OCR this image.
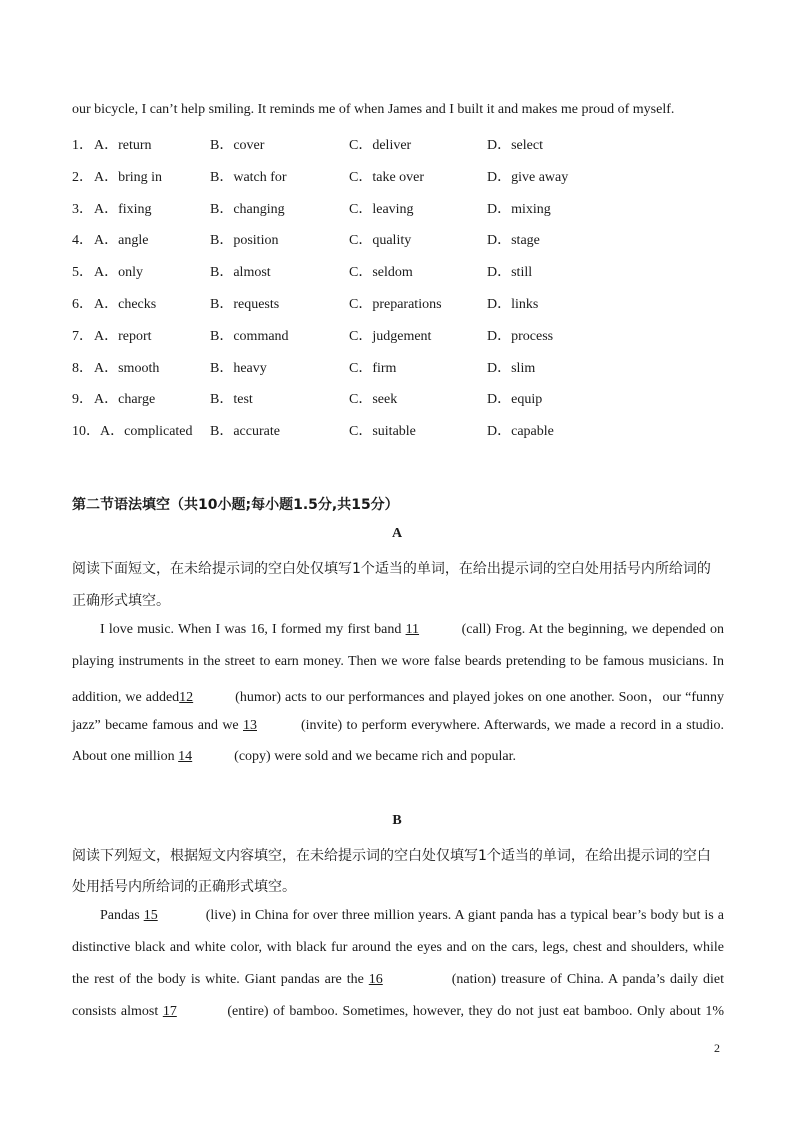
our bicycle, I can’t help smiling. It reminds me of when James and I built it and makes me proud of myself.
1． A．return	B．cover	C．deliver	D．select
2． A．bring in	B．watch for	C．take over	D．give away
3． A．fixing	B．changing	C．leaving	D．mixing
4． A．angle	B．position	C．quality	D．stage
5． A．only	B．almost	C．seldom	D．still
6． A．checks	B．requests	C．preparations	D．links
7． A．report	B．command	C．judgement	D．process
8． A．smooth	B．heavy	C．firm	D．slim
9． A．charge	B．test	C．seek	D．equip
10． A．complicated B．accurate	C．suitable	D．capable
第二节语法填空（共10小题;每小题1.5分,共15分）
A
阅读下面短文，在未给提示词的空白处仅填写1个适当的单词，在给出提示词的空白处用括号内所给词的
正确形式填空。
I love music. When I was 16, I formed my first band 11	(call) Frog. At the beginning, we depended on
playing instruments in the street to earn money. Then we wore false beards pretending to be famous musicians. In
addition, we added12	(humor) acts to our performances and played jokes on one another. Soon，our “funny
jazz” became famous and we 13	(invite) to perform everywhere. Afterwards, we made a record in a studio.
About one million 14	(copy) were sold and we became rich and popular.
B
阅读下列短文，根据短文内容填空，在未给提示词的空白处仅填写1个适当的单词，在给出提示词的空白
处用括号内所给词的正确形式填空。
Pandas 15	(live) in China for over three million years. A giant panda has a typical bear’s body but is a
distinctive black and white color, with black fur around the eyes and on the cars, legs, chest and shoulders, while
the rest of the body is white. Giant pandas are the 16	(nation) treasure of China. A panda’s daily diet
consists almost 17	(entire) of bamboo. Sometimes, however, they do not just eat bamboo. Only about 1%
2
